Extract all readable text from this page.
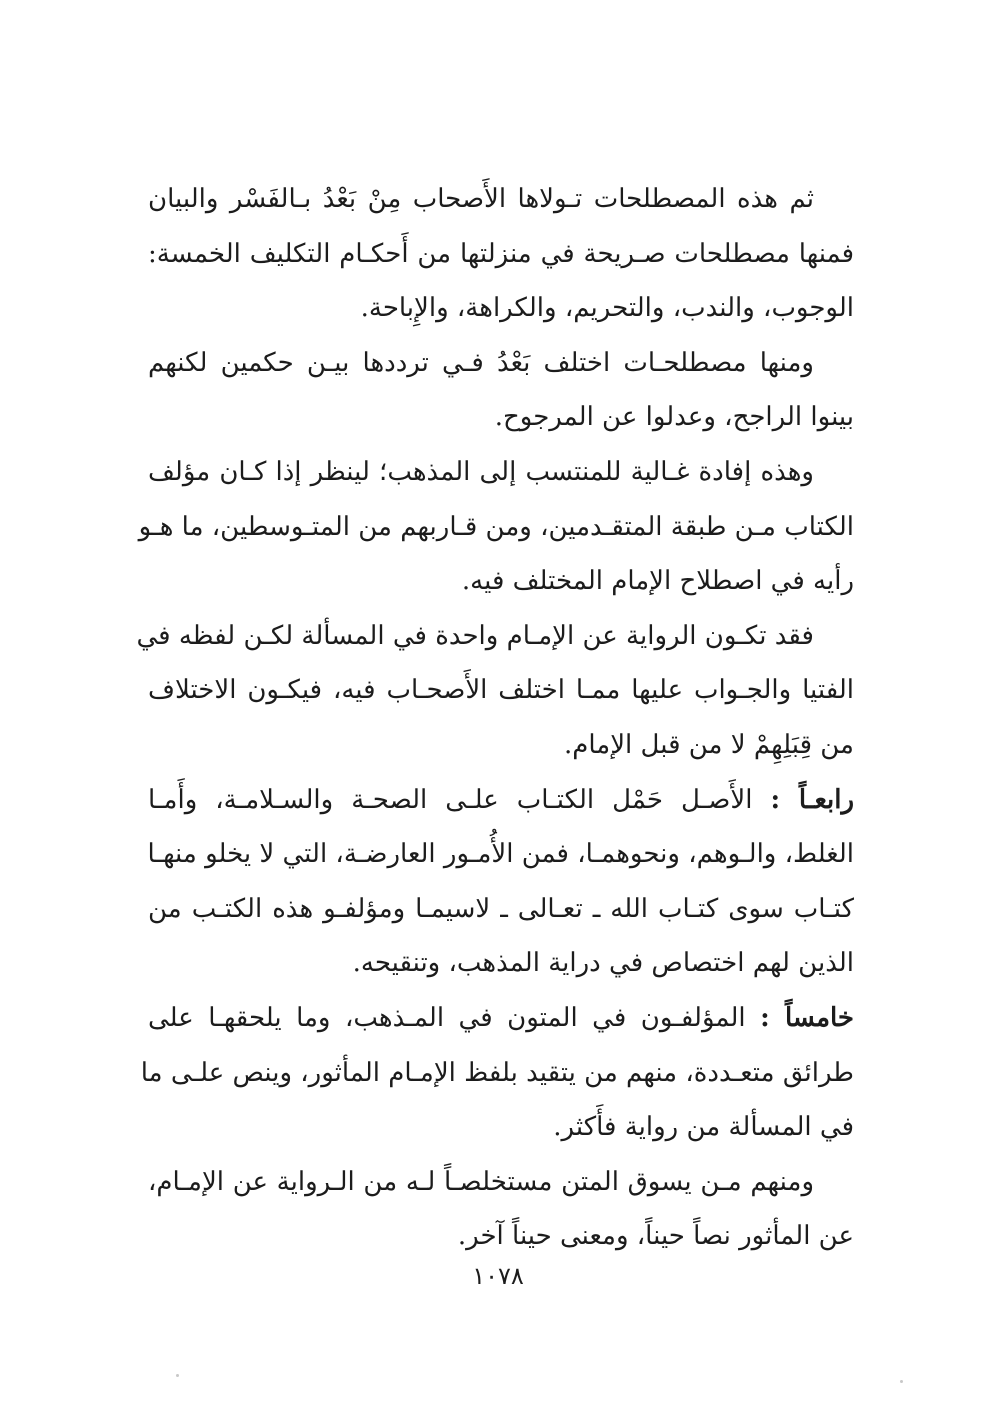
ثم هذه المصطلحات تـولاها الأَصحاب مِنْ بَعْدُ بـالفَسْر والبيان
فمنها مصطلحات صـريحة في منزلتها من أَحكـام التكليف الخمسة:
الوجوب، والندب، والتحريم، والكراهة، والإِباحة.
ومنها مصطلحـات اختلف بَعْدُ فـي ترددها بيـن حكمين لكنهم
بينوا الراجح، وعدلوا عن المرجوح.
وهذه إفادة غـالية للمنتسب إلى المذهب؛ لينظر إذا كـان مؤلف
الكتاب مـن طبقة المتقـدمين، ومن قـاربهم من المتـوسطين، ما هـو
رأيه في اصطلاح الإمام المختلف فيه.
فقد تكـون الرواية عن الإمـام واحدة في المسألة لكـن لفظه في
الفتيا والجـواب عليها ممـا اختلف الأَصحـاب فيه، فيكـون الاختلاف
من قِبَلِهِمْ لا من قبل الإمام.
رابعـاً : الأَصـل حَمْل الكتـاب علـى الصحـة والسـلامـة، وأَمـا
الغلط، والـوهم، ونحوهمـا، فمن الأُمـور العارضـة، التي لا يخلو منهـا
كتـاب سوى كتـاب الله ـ تعـالى ـ لاسيمـا ومؤلفـو هذه الكتـب من
الذين لهم اختصاص في دراية المذهب، وتنقيحه.
خامساً : المؤلفـون في المتون في المـذهب، وما يلحقهـا على
طرائق متعـددة، منهم من يتقيد بلفظ الإمـام المأثور، وينص علـى ما
في المسألة من رواية فأَكثر.
ومنهم مـن يسوق المتن مستخلصـاً لـه من الـرواية عن الإمـام،
عن المأثور نصاً حيناً، ومعنى حيناً آخر.
١٠٧٨
